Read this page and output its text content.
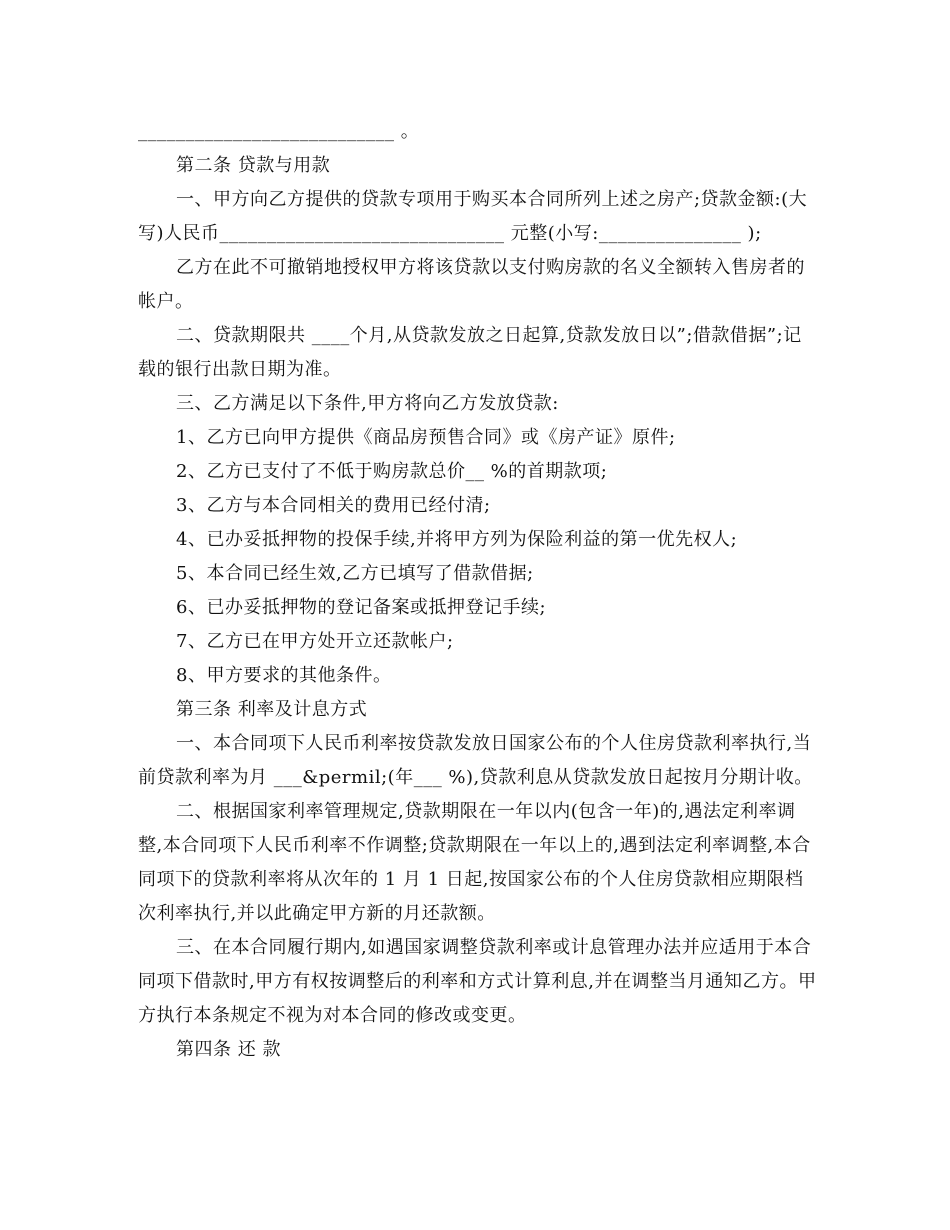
___________________________ 。

第二条 贷款与用款

一、甲方向乙方提供的贷款专项用于购买本合同所列上述之房产;贷款金额:(大写)人民币______________________________ 元整(小写:_______________ );

乙方在此不可撤销地授权甲方将该贷款以支付购房款的名义全额转入售房者的帐户。

二、贷款期限共 ____个月,从贷款发放之日起算,贷款发放日以”;借款借据”;记载的银行出款日期为准。

三、乙方满足以下条件,甲方将向乙方发放贷款:

1、乙方已向甲方提供《商品房预售合同》或《房产证》原件;

2、乙方已支付了不低于购房款总价__ %的首期款项;

3、乙方与本合同相关的费用已经付清;

4、已办妥抵押物的投保手续,并将甲方列为保险利益的第一优先权人;

5、本合同已经生效,乙方已填写了借款借据;

6、已办妥抵押物的登记备案或抵押登记手续;

7、乙方已在甲方处开立还款帐户;

8、甲方要求的其他条件。

第三条 利率及计息方式

一、本合同项下人民币利率按贷款发放日国家公布的个人住房贷款利率执行,当前贷款利率为月 ___&permil;(年___ %),贷款利息从贷款发放日起按月分期计收。

二、根据国家利率管理规定,贷款期限在一年以内(包含一年)的,遇法定利率调整,本合同项下人民币利率不作调整;贷款期限在一年以上的,遇到法定利率调整,本合同项下的贷款利率将从次年的 1 月 1 日起,按国家公布的个人住房贷款相应期限档次利率执行,并以此确定甲方新的月还款额。

三、在本合同履行期内,如遇国家调整贷款利率或计息管理办法并应适用于本合同项下借款时,甲方有权按调整后的利率和方式计算利息,并在调整当月通知乙方。甲方执行本条规定不视为对本合同的修改或变更。

第四条 还 款
